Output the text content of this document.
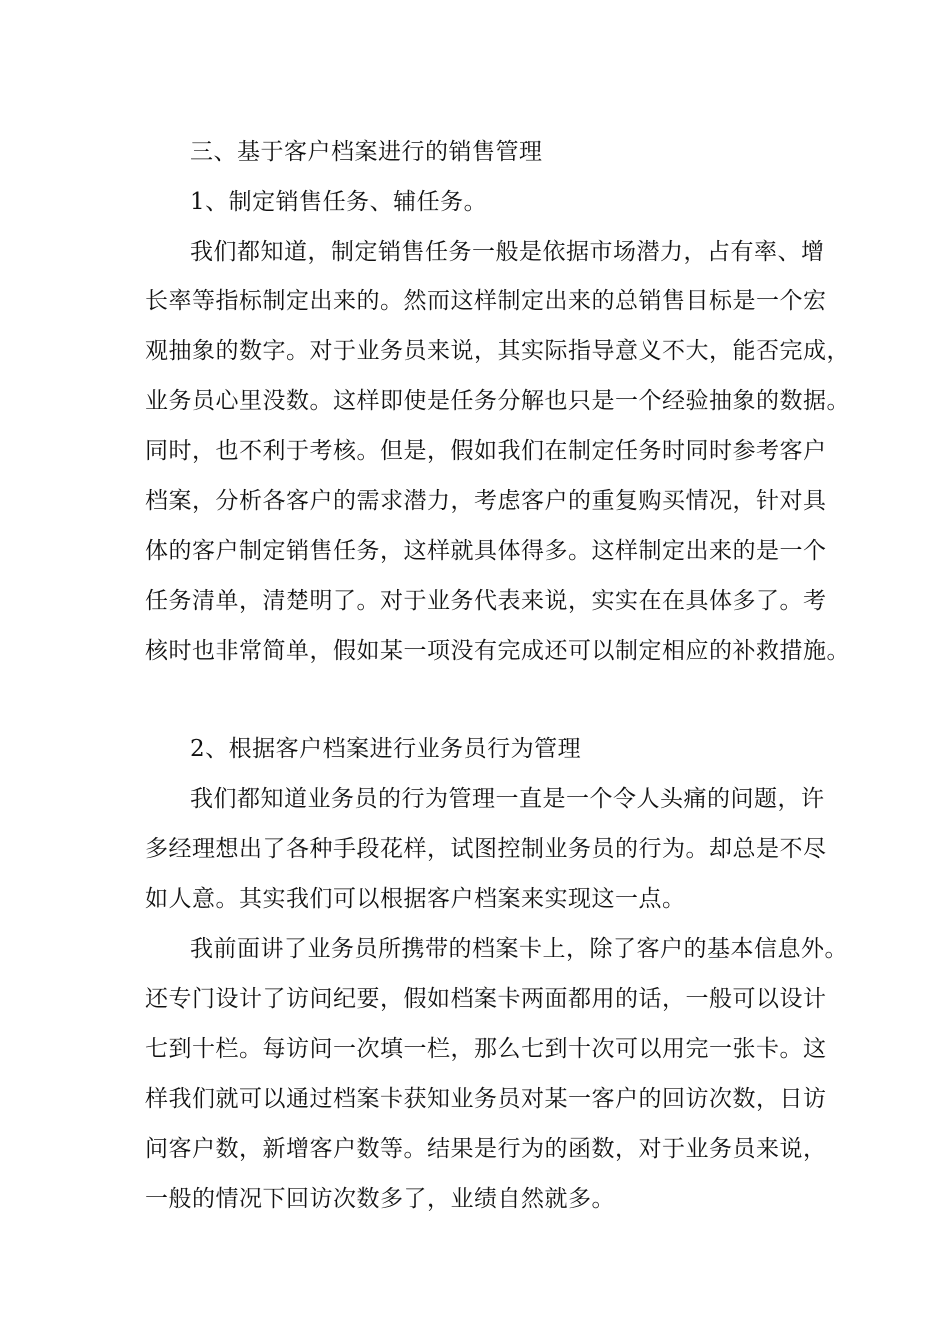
三、基于客户档案进行的销售管理
1、制定销售任务、辅任务。
我们都知道，制定销售任务一般是依据市场潜力，占有率、增
长率等指标制定出来的。然而这样制定出来的总销售目标是一个宏
观抽象的数字。对于业务员来说，其实际指导意义不大，能否完成，
业务员心里没数。这样即使是任务分解也只是一个经验抽象的数据。
同时，也不利于考核。但是，假如我们在制定任务时同时参考客户
档案，分析各客户的需求潜力，考虑客户的重复购买情况，针对具
体的客户制定销售任务，这样就具体得多。这样制定出来的是一个
任务清单，清楚明了。对于业务代表来说，实实在在具体多了。考
核时也非常简单，假如某一项没有完成还可以制定相应的补救措施。
2、根据客户档案进行业务员行为管理
我们都知道业务员的行为管理一直是一个令人头痛的问题，许
多经理想出了各种手段花样，试图控制业务员的行为。却总是不尽
如人意。其实我们可以根据客户档案来实现这一点。
我前面讲了业务员所携带的档案卡上，除了客户的基本信息外。
还专门设计了访问纪要，假如档案卡两面都用的话，一般可以设计
七到十栏。每访问一次填一栏，那么七到十次可以用完一张卡。这
样我们就可以通过档案卡获知业务员对某一客户的回访次数，日访
问客户数，新增客户数等。结果是行为的函数，对于业务员来说，
一般的情况下回访次数多了，业绩自然就多。
